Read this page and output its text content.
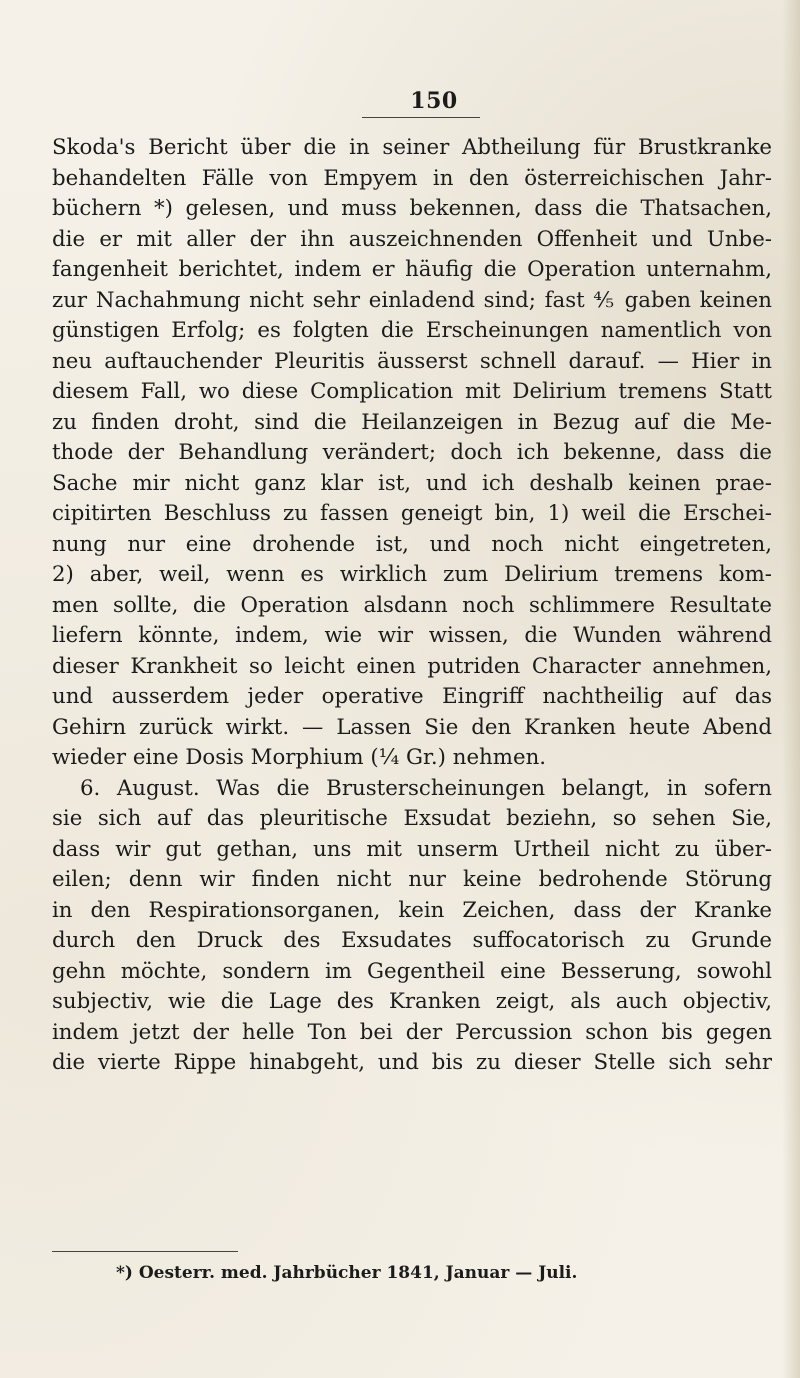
150
Skoda's Bericht über die in seiner Abtheilung für Brustkranke
behandelten Fälle von Empyem in den österreichischen Jahr-
büchern *) gelesen, und muss bekennen, dass die Thatsachen,
die er mit aller der ihn auszeichnenden Offenheit und Unbe-
fangenheit berichtet, indem er häufig die Operation unternahm,
zur Nachahmung nicht sehr einladend sind; fast ⅘ gaben keinen
günstigen Erfolg; es folgten die Erscheinungen namentlich von
neu auftauchender Pleuritis äusserst schnell darauf. — Hier in
diesem Fall, wo diese Complication mit Delirium tremens Statt
zu finden droht, sind die Heilanzeigen in Bezug auf die Me-
thode der Behandlung verändert; doch ich bekenne, dass die
Sache mir nicht ganz klar ist, und ich deshalb keinen prae-
cipitirten Beschluss zu fassen geneigt bin, 1) weil die Erschei-
nung nur eine drohende ist, und noch nicht eingetreten,
2) aber, weil, wenn es wirklich zum Delirium tremens kom-
men sollte, die Operation alsdann noch schlimmere Resultate
liefern könnte, indem, wie wir wissen, die Wunden während
dieser Krankheit so leicht einen putriden Character annehmen,
und ausserdem jeder operative Eingriff nachtheilig auf das
Gehirn zurück wirkt. — Lassen Sie den Kranken heute Abend
wieder eine Dosis Morphium (¼ Gr.) nehmen.
6. August. Was die Brusterscheinungen belangt, in sofern
sie sich auf das pleuritische Exsudat beziehn, so sehen Sie,
dass wir gut gethan, uns mit unserm Urtheil nicht zu über-
eilen; denn wir finden nicht nur keine bedrohende Störung
in den Respirationsorganen, kein Zeichen, dass der Kranke
durch den Druck des Exsudates suffocatorisch zu Grunde
gehn möchte, sondern im Gegentheil eine Besserung, sowohl
subjectiv, wie die Lage des Kranken zeigt, als auch objectiv,
indem jetzt der helle Ton bei der Percussion schon bis gegen
die vierte Rippe hinabgeht, und bis zu dieser Stelle sich sehr
*) Oesterr. med. Jahrbücher 1841, Januar — Juli.
